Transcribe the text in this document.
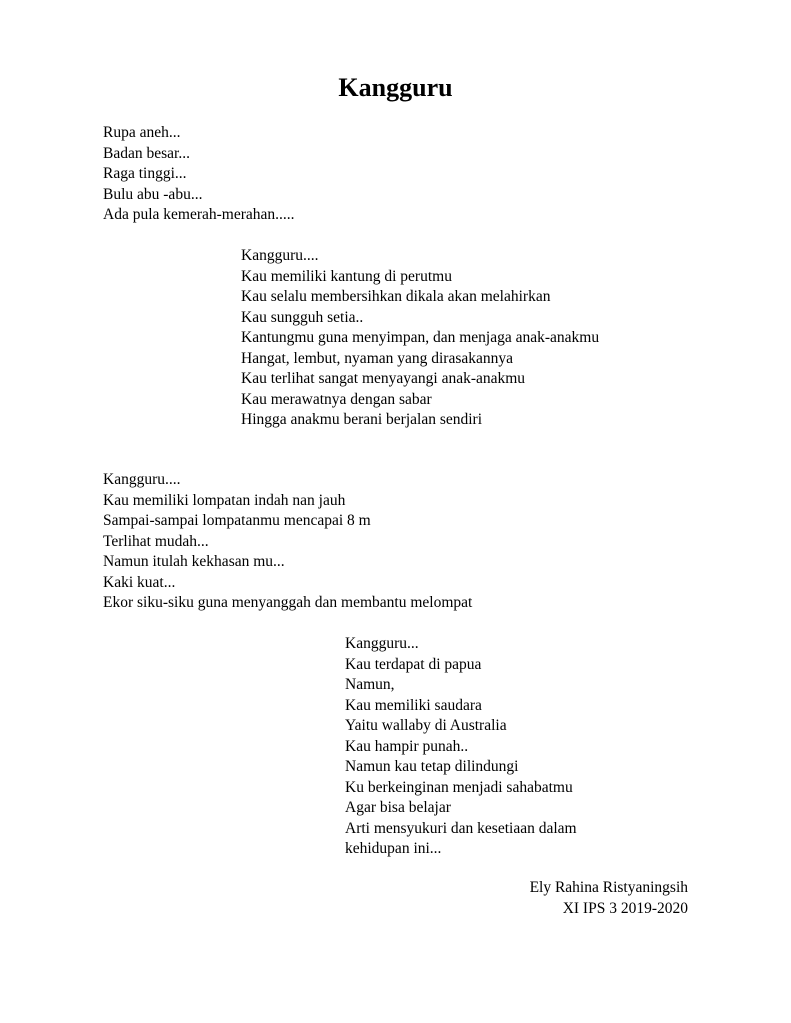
Kangguru
Rupa aneh...
Badan besar...
Raga tinggi...
Bulu abu -abu...
Ada pula kemerah-merahan.....
Kangguru....
Kau memiliki kantung di perutmu
Kau selalu membersihkan dikala akan melahirkan
Kau sungguh setia..
Kantungmu guna menyimpan, dan menjaga anak-anakmu
Hangat, lembut, nyaman yang dirasakannya
Kau terlihat sangat menyayangi anak-anakmu
Kau merawatnya dengan sabar
Hingga anakmu berani berjalan sendiri
Kangguru....
Kau memiliki lompatan indah nan jauh
Sampai-sampai lompatanmu mencapai 8 m
Terlihat mudah...
Namun itulah kekhasan mu...
Kaki kuat...
Ekor siku-siku guna menyanggah dan membantu melompat
Kangguru...
Kau terdapat di papua
Namun,
Kau memiliki saudara
Yaitu wallaby di Australia
Kau hampir punah..
Namun kau tetap dilindungi
Ku berkeinginan menjadi sahabatmu
Agar bisa belajar
Arti mensyukuri dan kesetiaan dalam
kehidupan ini...
Ely Rahina Ristyaningsih
XI IPS 3 2019-2020
